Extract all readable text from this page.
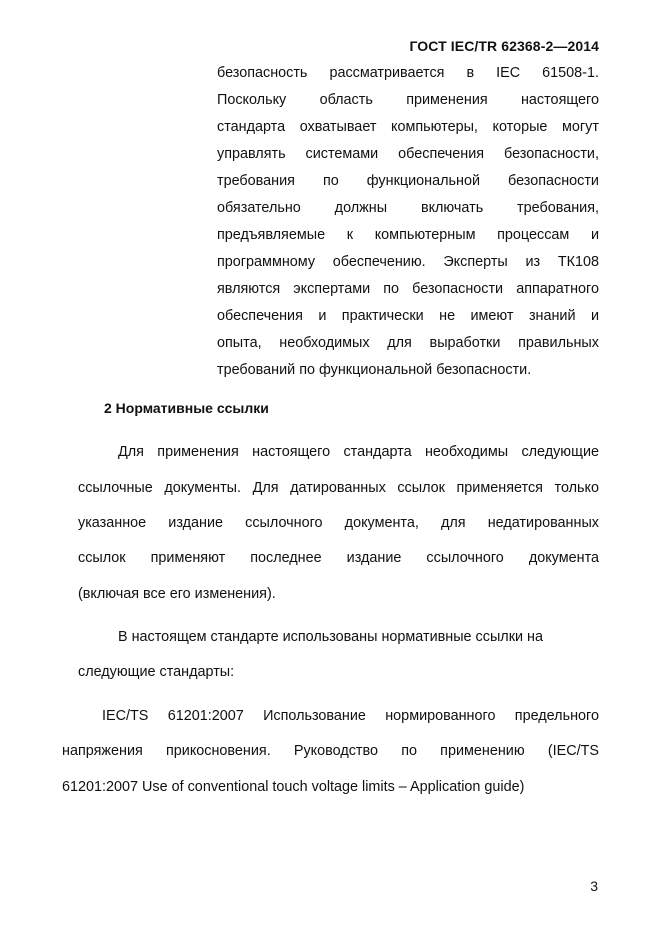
ГОСТ IEC/TR 62368-2—2014
безопасность рассматривается в IEC 61508-1.
Поскольку область применения настоящего
стандарта охватывает компьютеры, которые могут
управлять системами обеспечения безопасности,
требования по функциональной безопасности
обязательно должны включать требования,
предъявляемые к компьютерным процессам и
программному обеспечению. Эксперты из ТК108
являются экспертами по безопасности аппаратного
обеспечения и практически не имеют знаний и
опыта, необходимых для выработки правильных
требований по функциональной безопасности.
2 Нормативные ссылки
Для применения настоящего стандарта необходимы следующие
ссылочные документы. Для датированных ссылок применяется только
указанное издание ссылочного документа, для недатированных
ссылок применяют последнее издание ссылочного документа
(включая все его изменения).
В настоящем стандарте использованы нормативные ссылки на
следующие стандарты:
IEC/TS 61201:2007 Использование нормированного предельного
напряжения прикосновения. Руководство по применению (IEC/TS
61201:2007 Use of conventional touch voltage limits – Application guide)
3
